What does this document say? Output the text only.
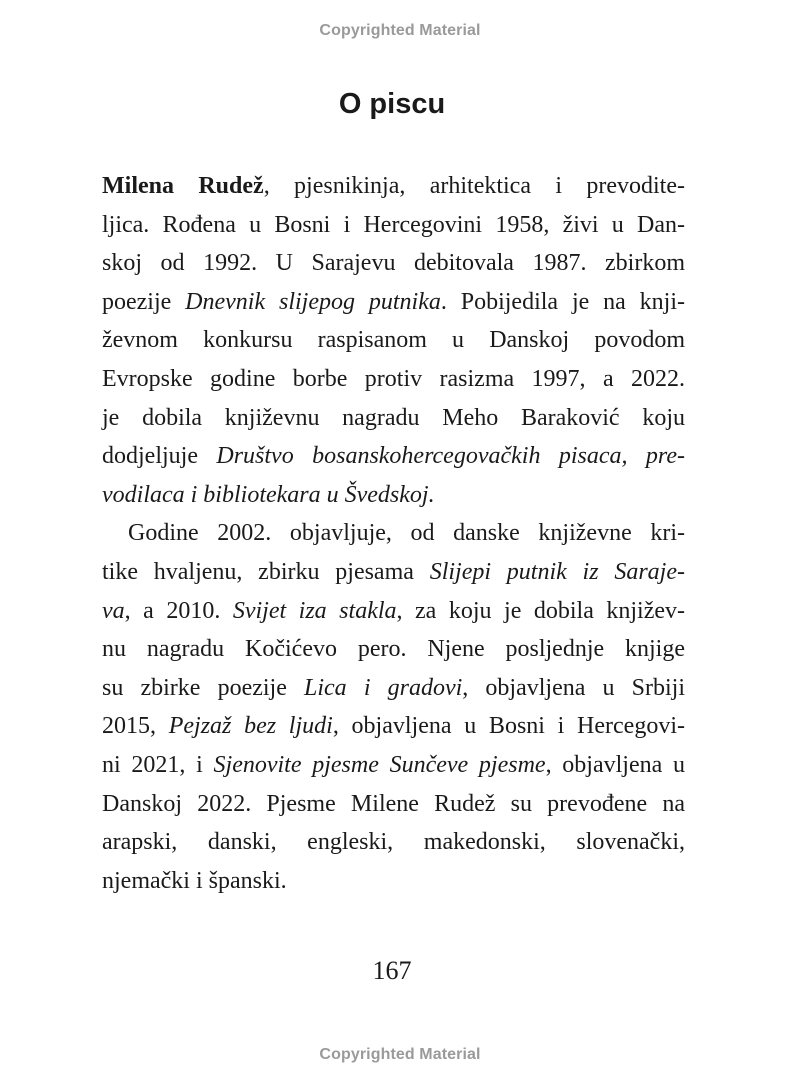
Copyrighted Material
O piscu
Milena Rudež, pjesnikinja, arhitektica i prevodite-
ljica. Rođena u Bosni i Hercegovini 1958, živi u Dan-
skoj od 1992. U Sarajevu debitovala 1987. zbirkom
poezije Dnevnik slijepog putnika. Pobijedila je na knji-
ževnom konkursu raspisanom u Danskoj povodom
Evropske godine borbe protiv rasizma 1997, a 2022.
je dobila književnu nagradu Meho Baraković koju
dodjeljuje Društvo bosanskohercegovačkih pisaca, pre-
vodilaca i bibliotekara u Švedskoj.
Godine 2002. objavljuje, od danske književne kri-
tike hvaljenu, zbirku pjesama Slijepi putnik iz Saraje-
va, a 2010. Svijet iza stakla, za koju je dobila književ-
nu nagradu Kočićevo pero. Njene posljednje knjige
su zbirke poezije Lica i gradovi, objavljena u Srbiji
2015, Pejzaž bez ljudi, objavljena u Bosni i Hercegovi-
ni 2021, i Sjenovite pjesme Sunčeve pjesme, objavljena u
Danskoj 2022. Pjesme Milene Rudež su prevođene na
arapski, danski, engleski, makedonski, slovenački,
njemački i španski.
167
Copyrighted Material
